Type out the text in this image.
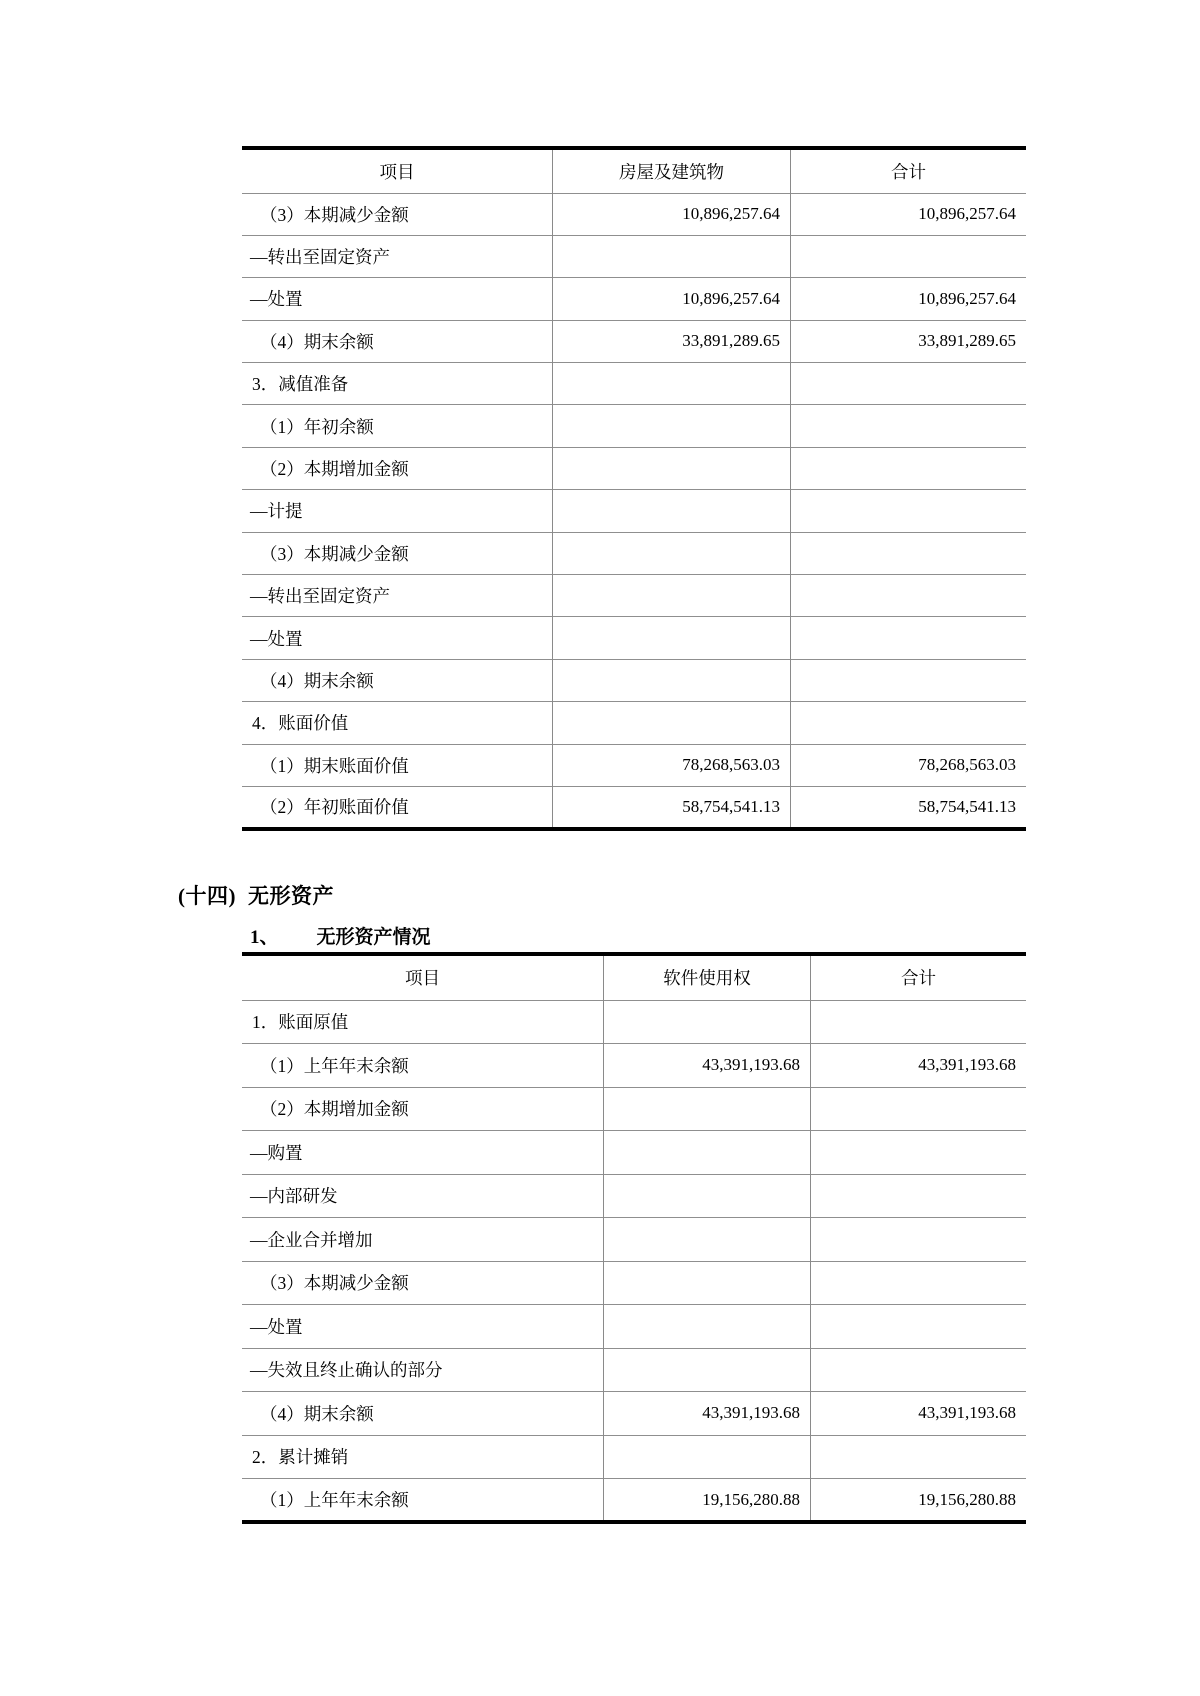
项目	房屋及建筑物	合计
（3）本期减少金额	10,896,257.64	10,896,257.64
—转出至固定资产		
—处置	10,896,257.64	10,896,257.64
（4）期末余额	33,891,289.65	33,891,289.65
3．减值准备		
（1）年初余额		
（2）本期增加金额		
—计提		
（3）本期减少金额		
—转出至固定资产		
—处置		
（4）期末余额		
4．账面价值		
（1）期末账面价值	78,268,563.03	78,268,563.03
（2）年初账面价值	58,754,541.13	58,754,541.13
(十四) 无形资产
1、 无形资产情况
项目	软件使用权	合计
1．账面原值		
（1）上年年末余额	43,391,193.68	43,391,193.68
（2）本期增加金额		
—购置		
—内部研发		
—企业合并增加		
（3）本期减少金额		
—处置		
—失效且终止确认的部分		
（4）期末余额	43,391,193.68	43,391,193.68
2．累计摊销		
（1）上年年末余额	19,156,280.88	19,156,280.88
